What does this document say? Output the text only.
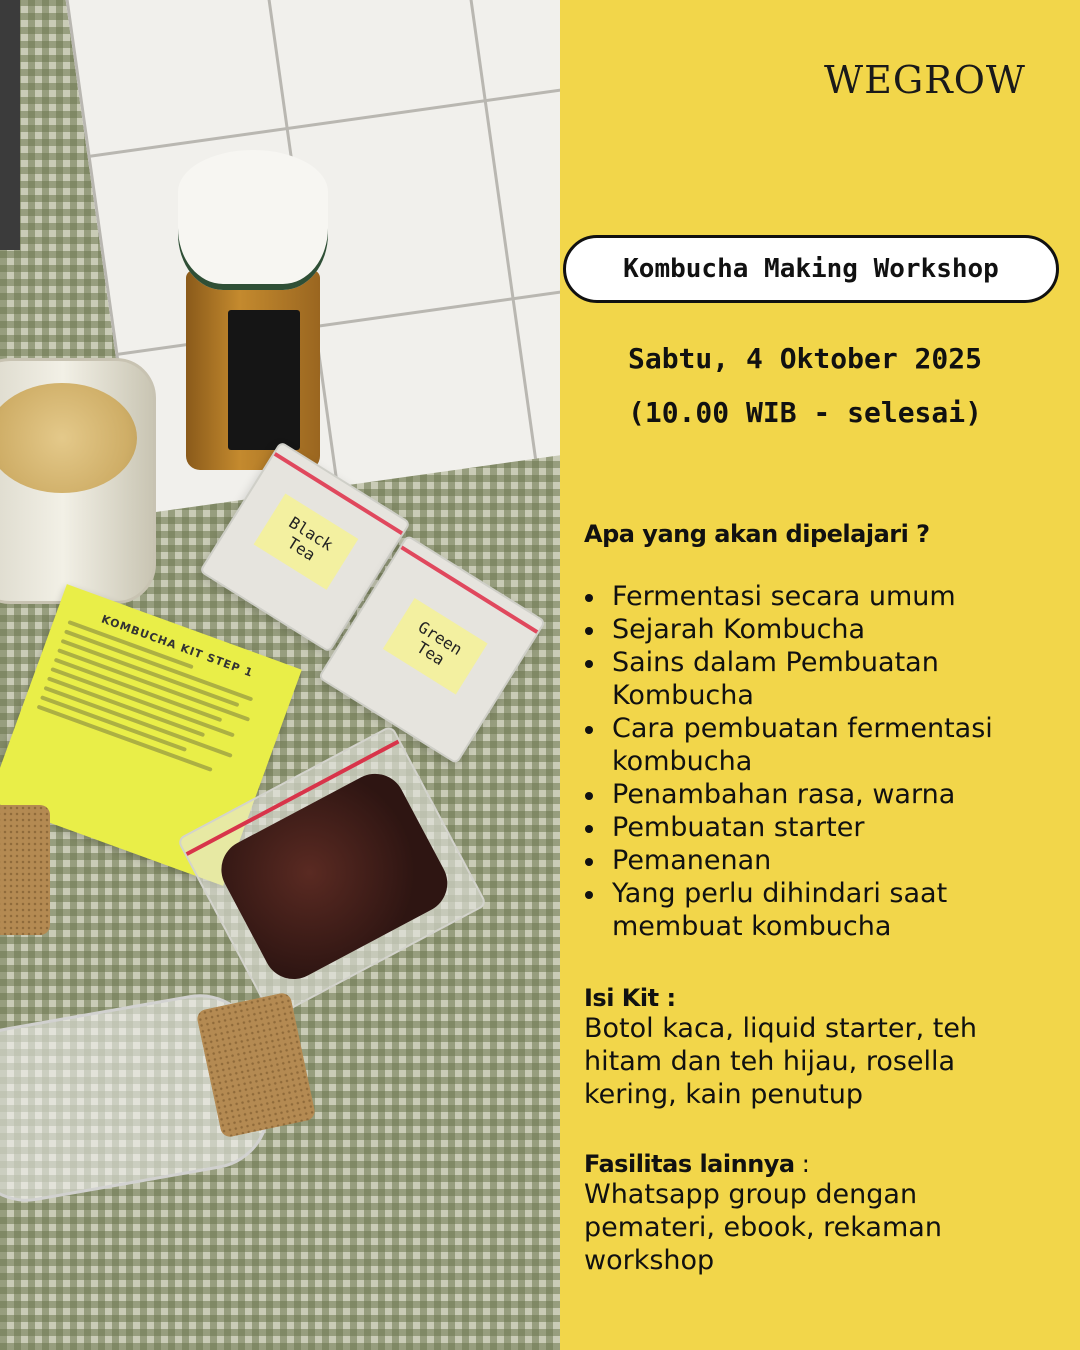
Black
Tea
Green
Tea
KOMBUCHA KIT STEP 1
WEGROW
Kombucha Making Workshop
Sabtu, 4 Oktober 2025
(10.00 WIB - selesai)
Apa yang akan dipelajari ?
Fermentasi secara umum
Sejarah Kombucha
Sains dalam Pembuatan Kombucha
Cara pembuatan fermentasi kombucha
Penambahan rasa, warna
Pembuatan starter
Pemanenan
Yang perlu dihindari saat membuat kombucha
Isi Kit :
Botol kaca, liquid starter, teh hitam dan teh hijau, rosella kering, kain penutup
Fasilitas lainnya :
Whatsapp group dengan pemateri, ebook, rekaman workshop
